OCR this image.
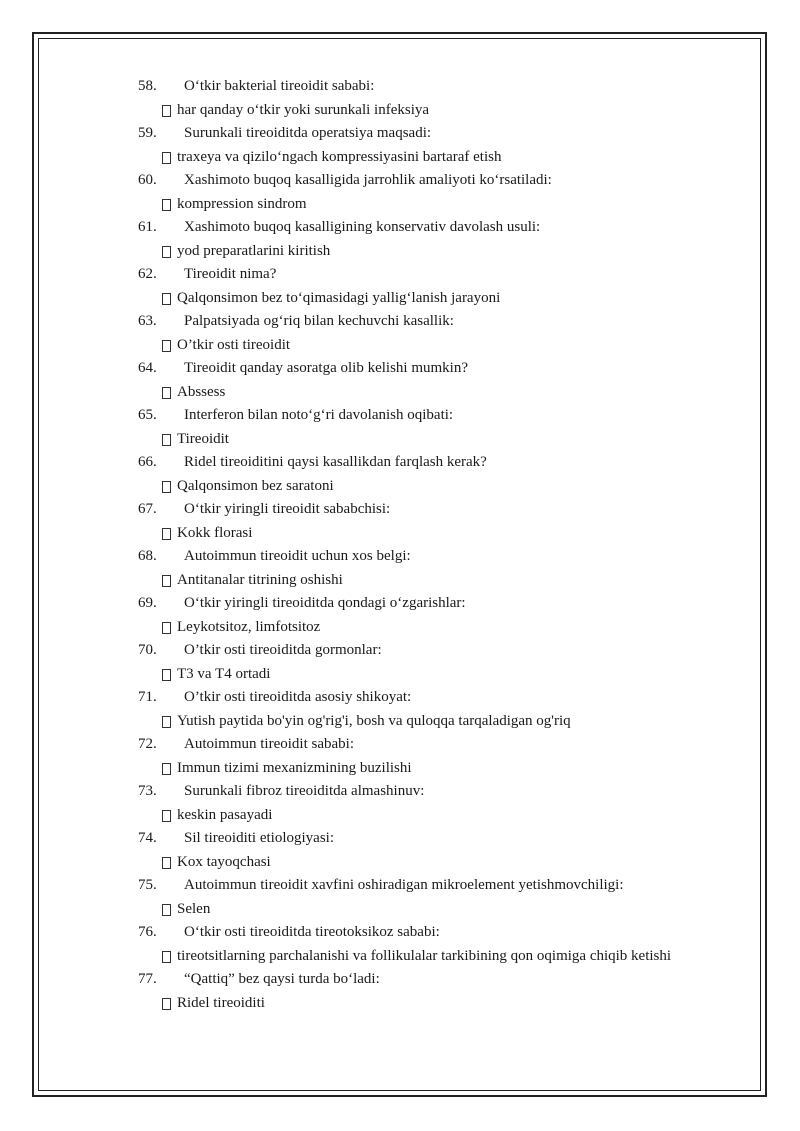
58. O‘tkir bakterial tireoidit sababi:
har qanday o‘tkir yoki surunkali infeksiya
59. Surunkali tireoiditda operatsiya maqsadi:
traxeya va qizilo‘ngach kompressiyasini bartaraf etish
60. Xashimoto buqoq kasalligida jarrohlik amaliyoti ko‘rsatiladi:
kompression sindrom
61. Xashimoto buqoq kasalligining konservativ davolash usuli:
yod preparatlarini kiritish
62. Tireoidit nima?
Qalqonsimon bez to‘qimasidagi yallig‘lanish jarayoni
63. Palpatsiyada og‘riq bilan kechuvchi kasallik:
O’tkir osti tireoidit
64. Tireoidit qanday asoratga olib kelishi mumkin?
Abssess
65. Interferon bilan noto‘g‘ri davolanish oqibati:
Tireoidit
66. Ridel tireoiditini qaysi kasallikdan farqlash kerak?
Qalqonsimon bez saratoni
67. O‘tkir yiringli tireoidit sababchisi:
Kokk florasi
68. Autoimmun tireoidit uchun xos belgi:
Antitanalar titrining oshishi
69. O‘tkir yiringli tireoiditda qondagi o‘zgarishlar:
Leykotsitoz, limfotsitoz
70. O’tkir osti tireoiditda gormonlar:
T3 va T4 ortadi
71. O’tkir osti tireoiditda asosiy shikoyat:
Yutish paytida bo'yin og'rig'i, bosh va quloqqa tarqaladigan og'riq
72. Autoimmun tireoidit sababi:
Immun tizimi mexanizmining buzilishi
73. Surunkali fibroz tireoiditda almashinuv:
keskin pasayadi
74. Sil tireoiditi etiologiyasi:
Kox tayoqchasi
75. Autoimmun tireoidit xavfini oshiradigan mikroelement yetishmovchiligi:
Selen
76. O‘tkir osti tireoiditda tireotoksikoz sababi:
tireotsitlarning parchalanishi va follikulalar tarkibining qon oqimiga chiqib ketishi
77. “Qattiq” bez qaysi turda bo‘ladi:
Ridel tireoiditi
